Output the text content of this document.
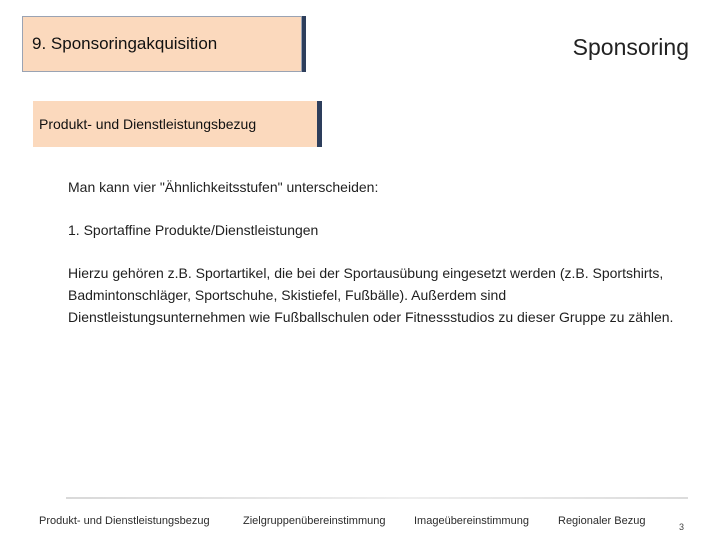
9. Sponsoringakquisition	Sponsoring
Produkt- und Dienstleistungsbezug
Man kann vier "Ähnlichkeitsstufen" unterscheiden:
1. Sportaffine Produkte/Dienstleistungen
Hierzu gehören z.B. Sportartikel, die bei der Sportausübung eingesetzt werden (z.B. Sportshirts, Badmintonschläger, Sportschuhe, Skistiefel, Fußbälle). Außerdem sind Dienstleistungsunternehmen wie Fußballschulen oder Fitnessstudios zu dieser Gruppe zu zählen.
Produkt- und Dienstleistungsbezug	Zielgruppenübereinstimmung	Imageübereinstimmung	Regionaler Bezug	3
